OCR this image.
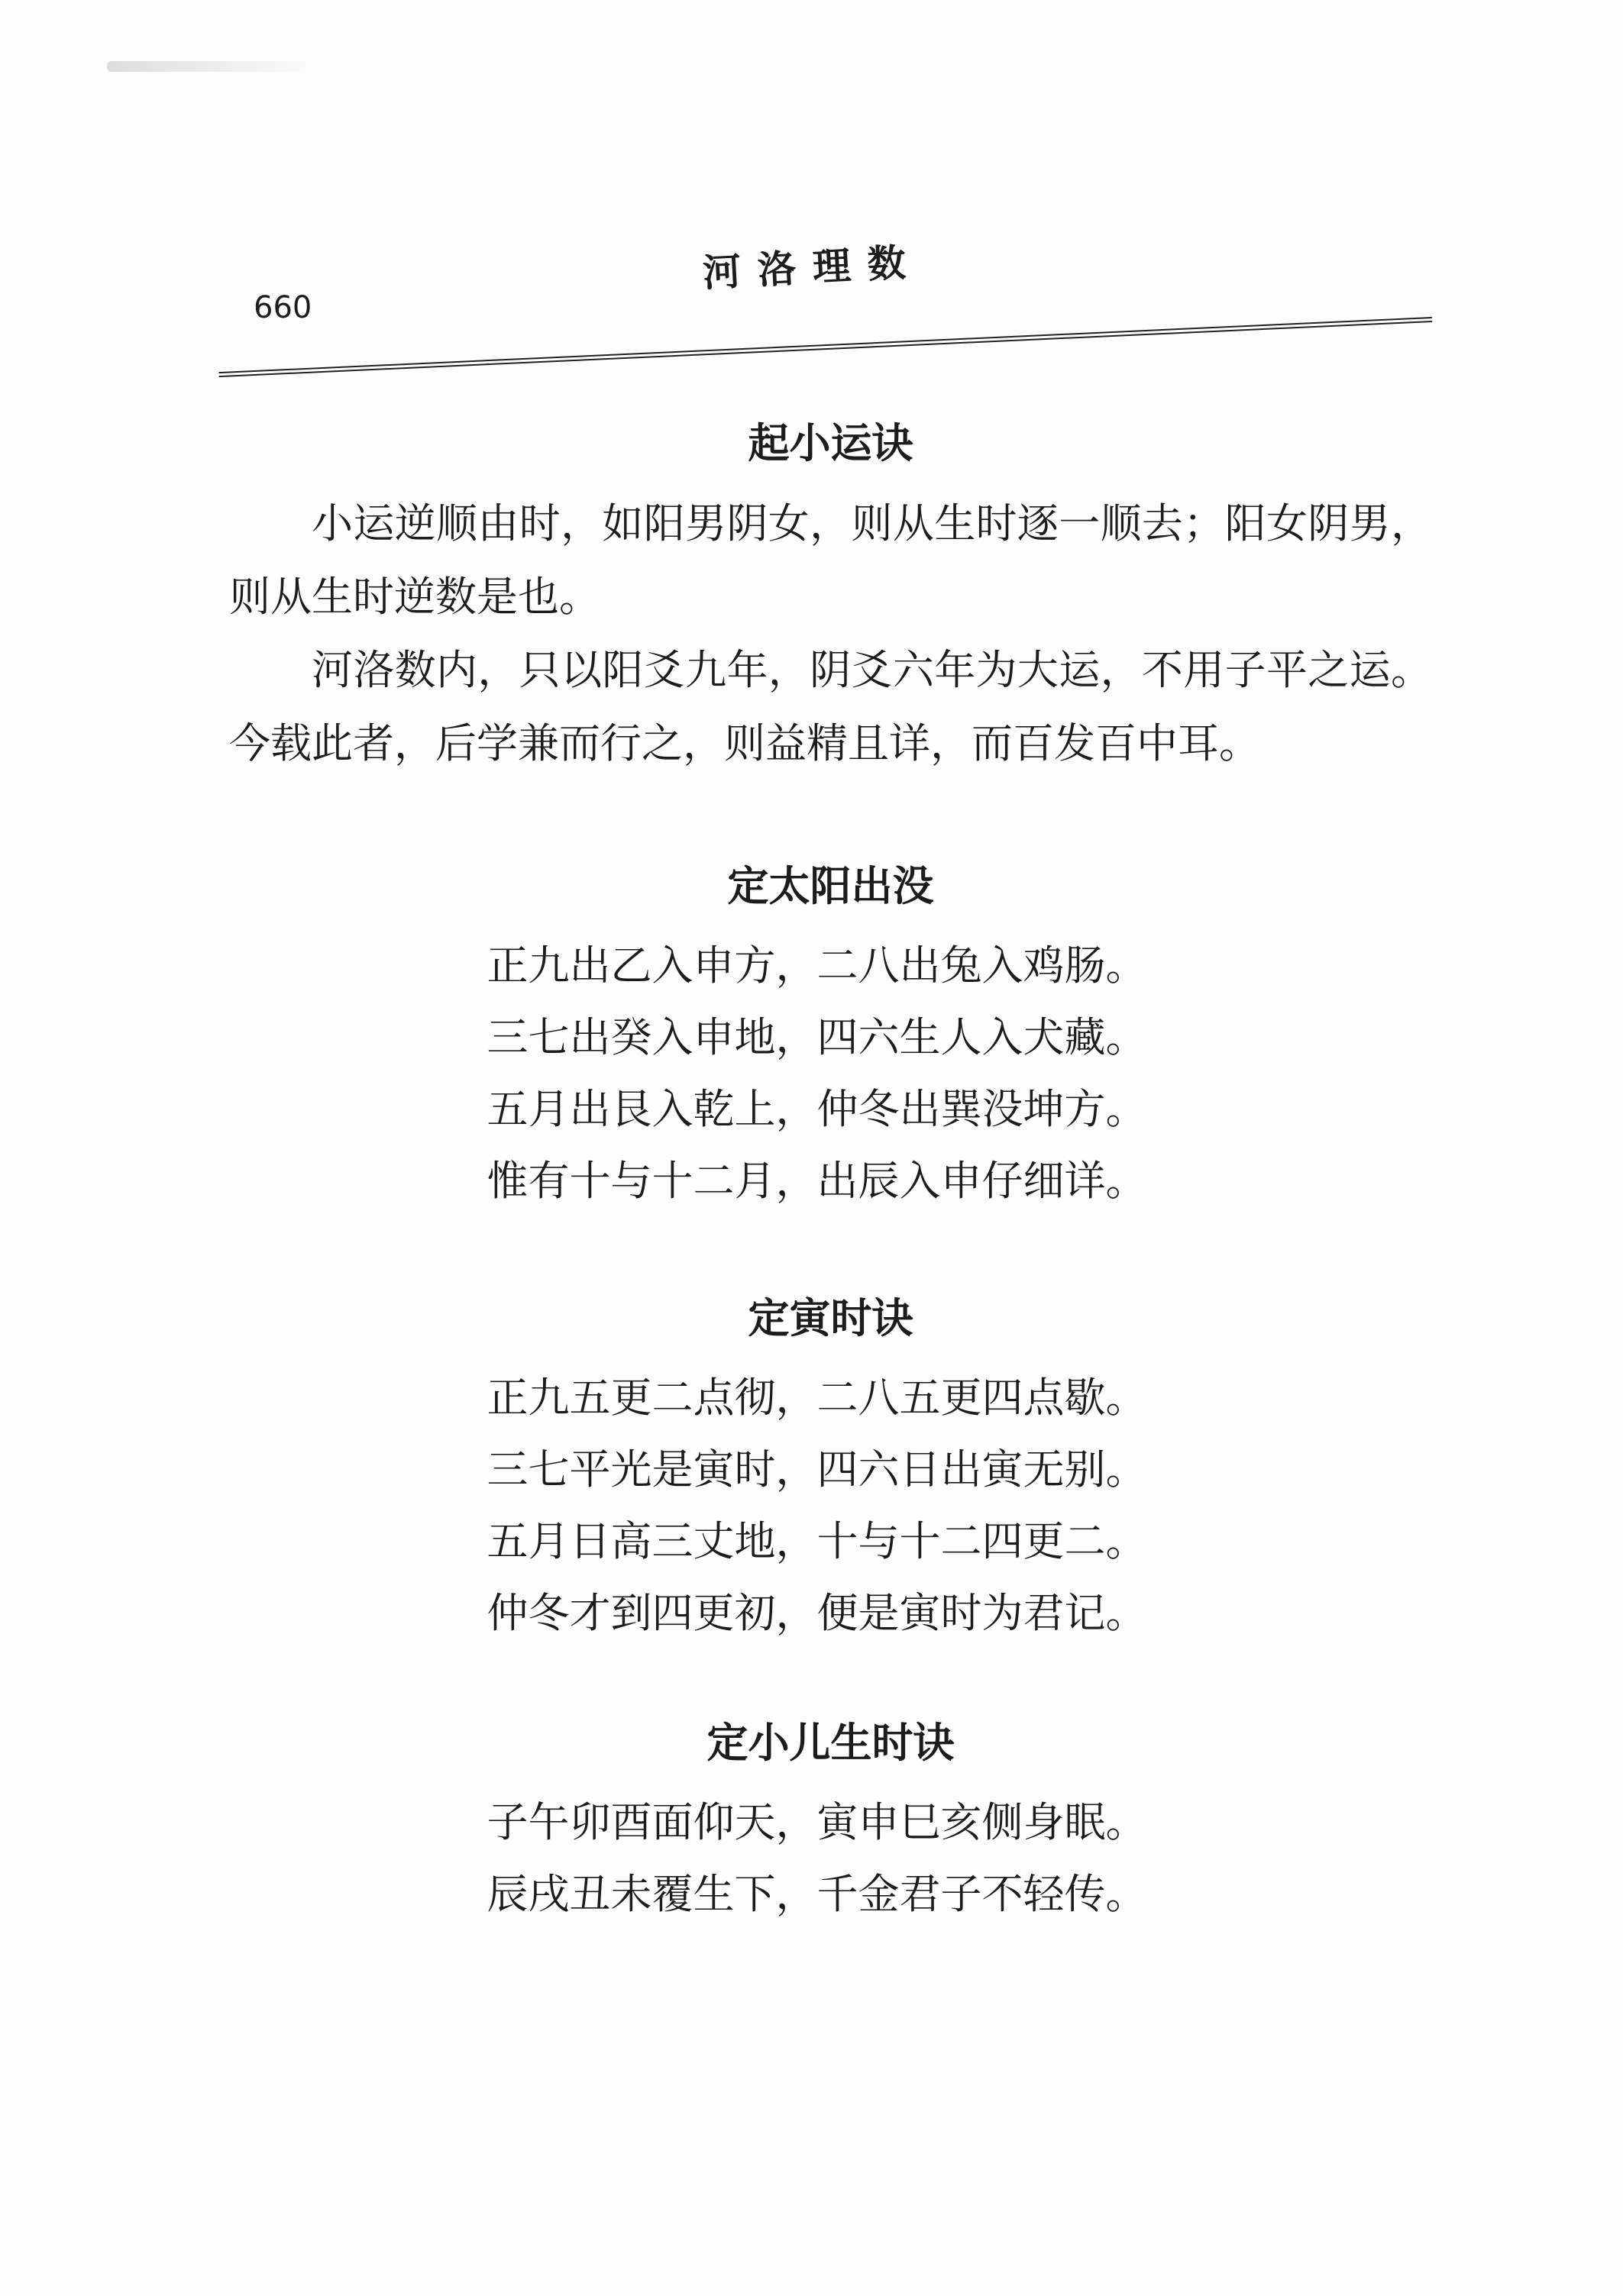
河洛理数
660
起小运诀

小运逆顺由时，如阳男阴女，则从生时逐一顺去；阳女阴男，则从生时逆数是也。

河洛数内，只以阳爻九年，阴爻六年为大运，不用子平之运。今载此者，后学兼而行之，则益精且详，而百发百中耳。

定太阳出没

正九出乙入申方，二八出兔入鸡肠。

三七出癸入申地，四六生人入犬藏。

五月出艮入乾上，仲冬出巽没坤方。

惟有十与十二月，出辰入申仔细详。

定寅时诀

正九五更二点彻，二八五更四点歇。

三七平光是寅时，四六日出寅无别。

五月日高三丈地，十与十二四更二。

仲冬才到四更初，便是寅时为君记。

定小儿生时诀

子午卯酉面仰天，寅申巳亥侧身眠。

辰戌丑未覆生下，千金君子不轻传。
